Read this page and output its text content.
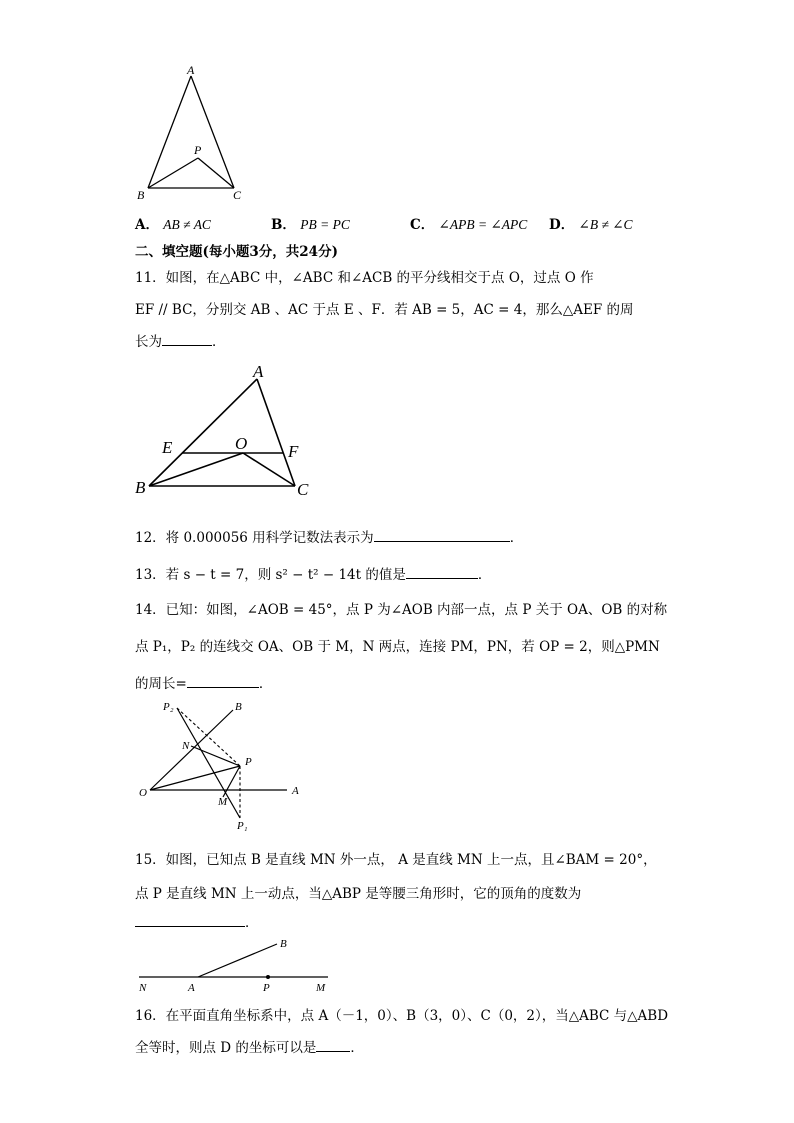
A
P
B	C
A． AB ≠ AC	B． PB = PC	C． ∠APB = ∠APC D． ∠B ≠ ∠C
二、填空题(每小题3分，共24分)
11．如图，在△ABC 中，∠ABC 和∠ACB 的平分线相交于点 O，过点 O 作
EF // BC，分别交 AB 、AC 于点 E 、F．若 AB = 5，AC = 4，那么△AEF 的周
长为	．
A
E	O F
B	C
12．将 0.000056 用科学记数法表示为	．
13．若 s − t = 7，则 s² − t² − 14t 的值是	．
14．已知：如图，∠AOB = 45°，点 P 为∠AOB 内部一点，点 P 关于 OA、OB 的对称
点 P₁，P₂ 的连线交 OA、OB 于 M，N 两点，连接 PM，PN，若 OP = 2，则△PMN
的周长=	．
P₂	B
N
P
O
M
A
P₁
15．如图，已知点 B 是直线 MN 外一点， A 是直线 MN 上一点，且∠BAM = 20°，
点 P 是直线 MN 上一动点，当△ABP 是等腰三角形时，它的顶角的度数为
．
N	A	P	M
B
16．在平面直角坐标系中，点 A（－1，0）、B（3，0）、C（0，2），当△ABC 与△ABD
全等时，则点 D 的坐标可以是	．
